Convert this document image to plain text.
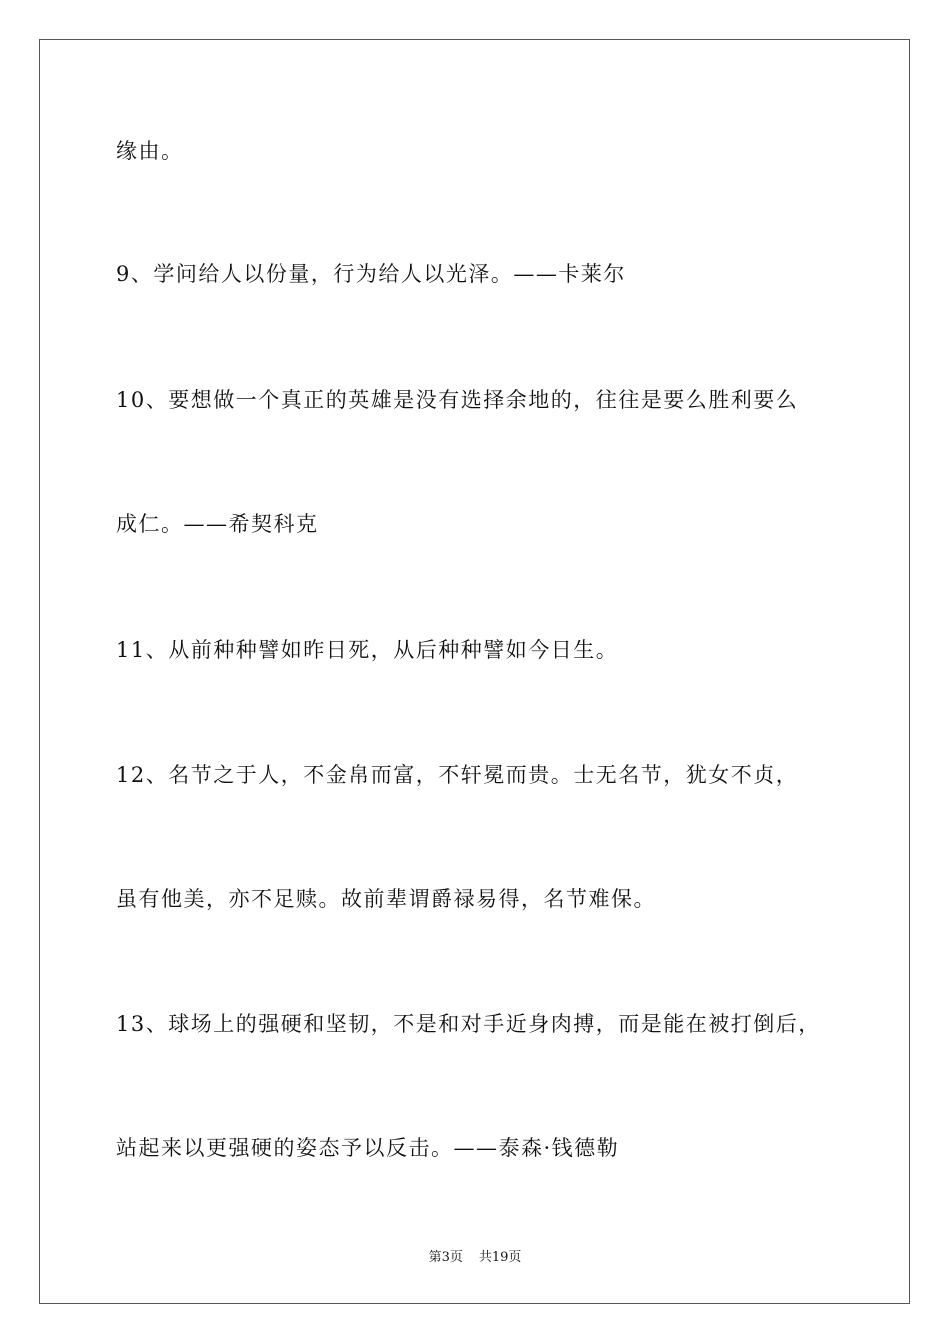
缘由。
9、学问给人以份量，行为给人以光泽。——卡莱尔
10、要想做一个真正的英雄是没有选择余地的，往往是要么胜利要么
成仁。——希契科克
11、从前种种譬如昨日死，从后种种譬如今日生。
12、名节之于人，不金帛而富，不轩冕而贵。士无名节，犹女不贞，
虽有他美，亦不足赎。故前辈谓爵禄易得，名节难保。
13、球场上的强硬和坚韧，不是和对手近身肉搏，而是能在被打倒后，
站起来以更强硬的姿态予以反击。——泰森·钱德勒
第3页 共19页
